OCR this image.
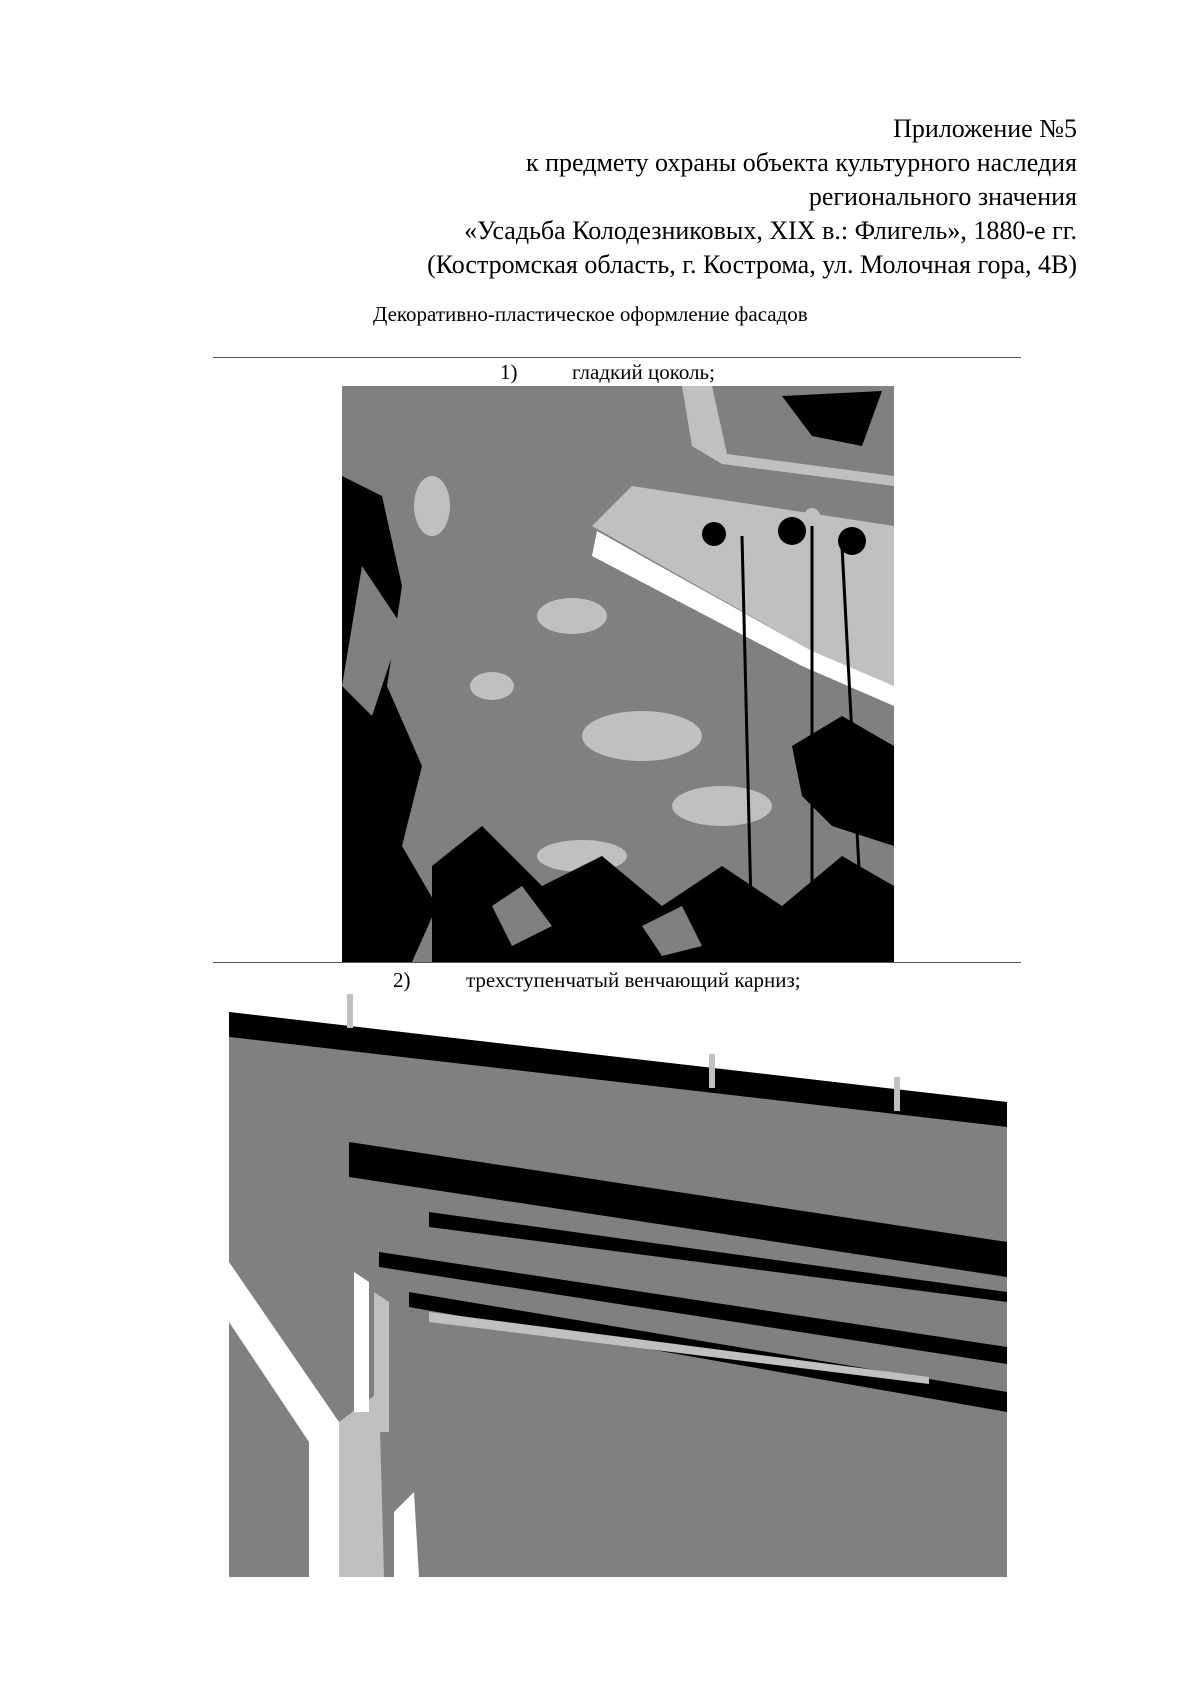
Приложение №5
к предмету охраны объекта культурного наследия
регионального значения
«Усадьба Колодезниковых, XIX в.: Флигель», 1880-е гг.
(Костромская область, г. Кострома, ул. Молочная гора, 4В)
Декоративно-пластическое оформление фасадов
1)	гладкий цоколь;
2)	трехступенчатый венчающий карниз;
